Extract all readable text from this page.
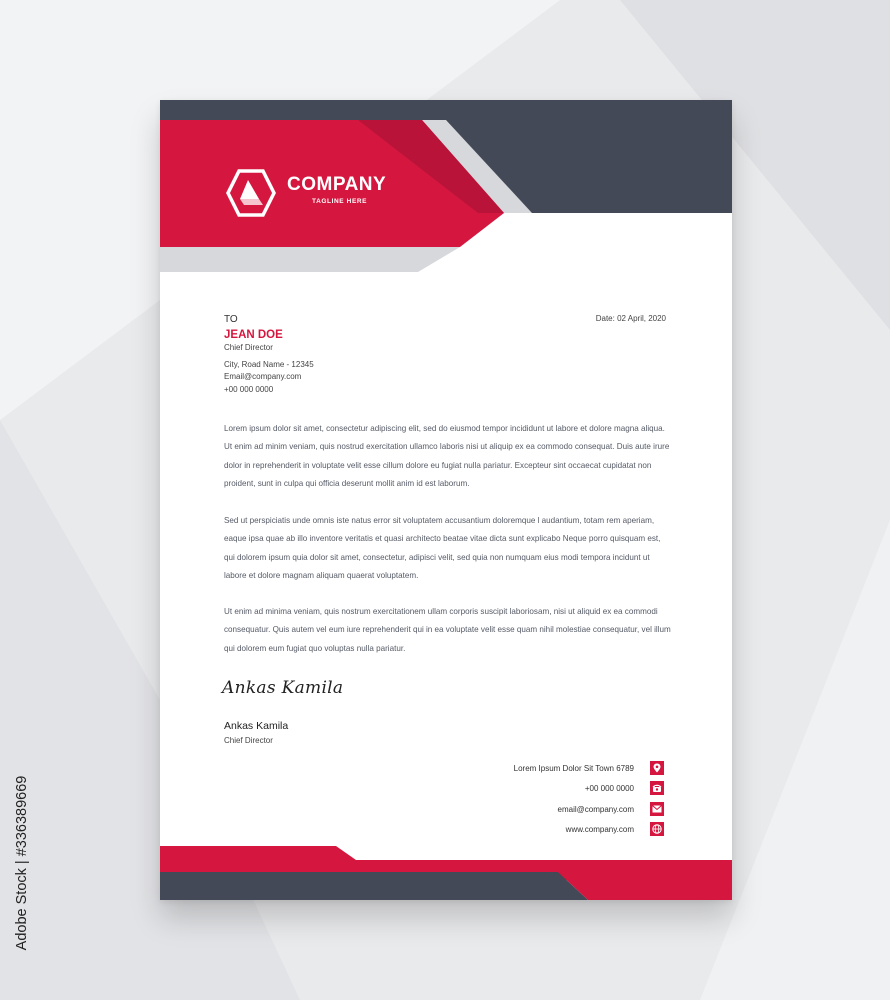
COMPANY
TAGLINE HERE
TO
JEAN DOE
Chief Director
City, Road Name - 12345
Email@company.com
+00 000 0000
Date: 02 April, 2020

Lorem ipsum dolor sit amet, consectetur adipiscing elit, sed do eiusmod tempor incididunt ut labore et dolore magna aliqua. Ut enim ad minim veniam, quis nostrud exercitation ullamco laboris nisi ut aliquip ex ea commodo consequat. Duis aute irure dolor in reprehenderit in voluptate velit esse cillum dolore eu fugiat nulla pariatur. Excepteur sint occaecat cupidatat non proident, sunt in culpa qui officia deserunt mollit anim id est laborum.

Sed ut perspiciatis unde omnis iste natus error sit voluptatem accusantium doloremque l audantium, totam rem aperiam, eaque ipsa quae ab illo inventore veritatis et quasi architecto beatae vitae dicta sunt explicabo Neque porro quisquam est, qui dolorem ipsum quia dolor sit amet, consectetur, adipisci velit, sed quia non numquam eius modi tempora incidunt ut labore et dolore magnam aliquam quaerat voluptatem.

Ut enim ad minima veniam, quis nostrum exercitationem ullam corporis suscipit laboriosam, nisi ut aliquid ex ea commodi consequatur. Quis autem vel eum iure reprehenderit qui in ea voluptate velit esse quam nihil molestiae consequatur, vel illum qui dolorem eum fugiat quo voluptas nulla pariatur.

Ankas Kamila
Ankas Kamila
Chief Director
Lorem Ipsum Dolor Sit Town 6789
+00 000 0000
email@company.com
www.company.com
Adobe Stock | #336389669
